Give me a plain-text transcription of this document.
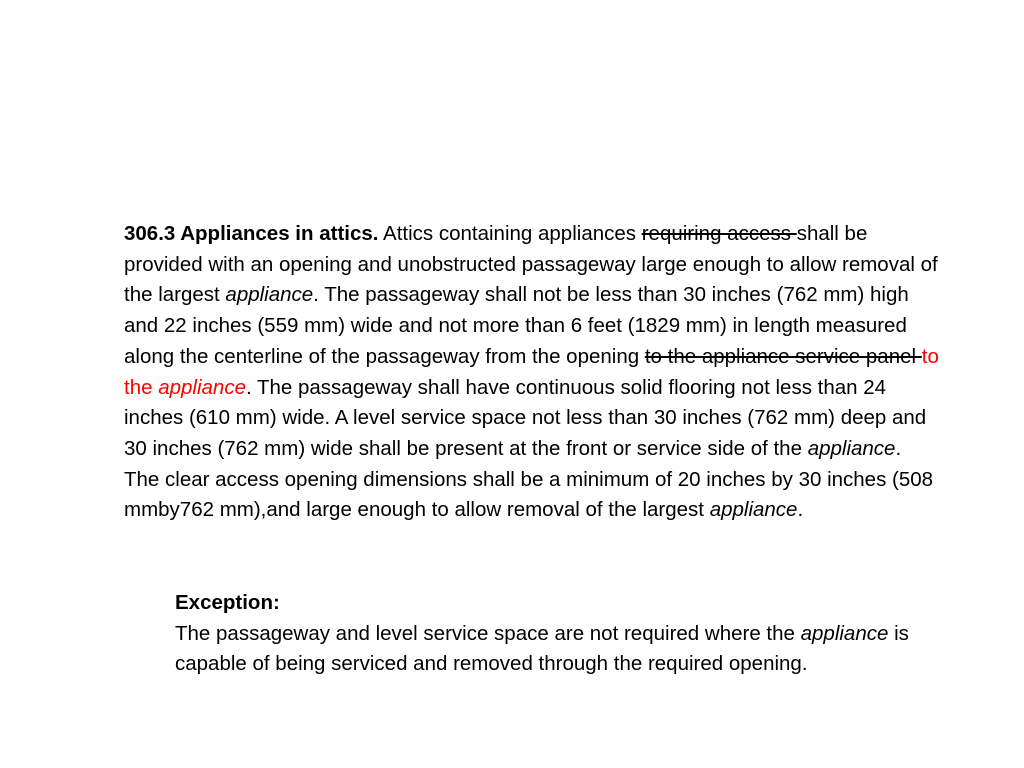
306.3 Appliances in attics. Attics containing appliances requiring access shall be provided with an opening and unobstructed passageway large enough to allow removal of the largest appliance. The passageway shall not be less than 30 inches (762 mm) high and 22 inches (559 mm) wide and not more than 6 feet (1829 mm) in length measured along the centerline of the passageway from the opening to the appliance service panel to the appliance. The passageway shall have continuous solid flooring not less than 24 inches (610 mm) wide. A level service space not less than 30 inches (762 mm) deep and 30 inches (762 mm) wide shall be present at the front or service side of the appliance. The clear access opening dimensions shall be a minimum of 20 inches by 30 inches (508 mmby762 mm),and large enough to allow removal of the largest appliance.

Exception:
The passageway and level service space are not required where the appliance is capable of being serviced and removed through the required opening.
